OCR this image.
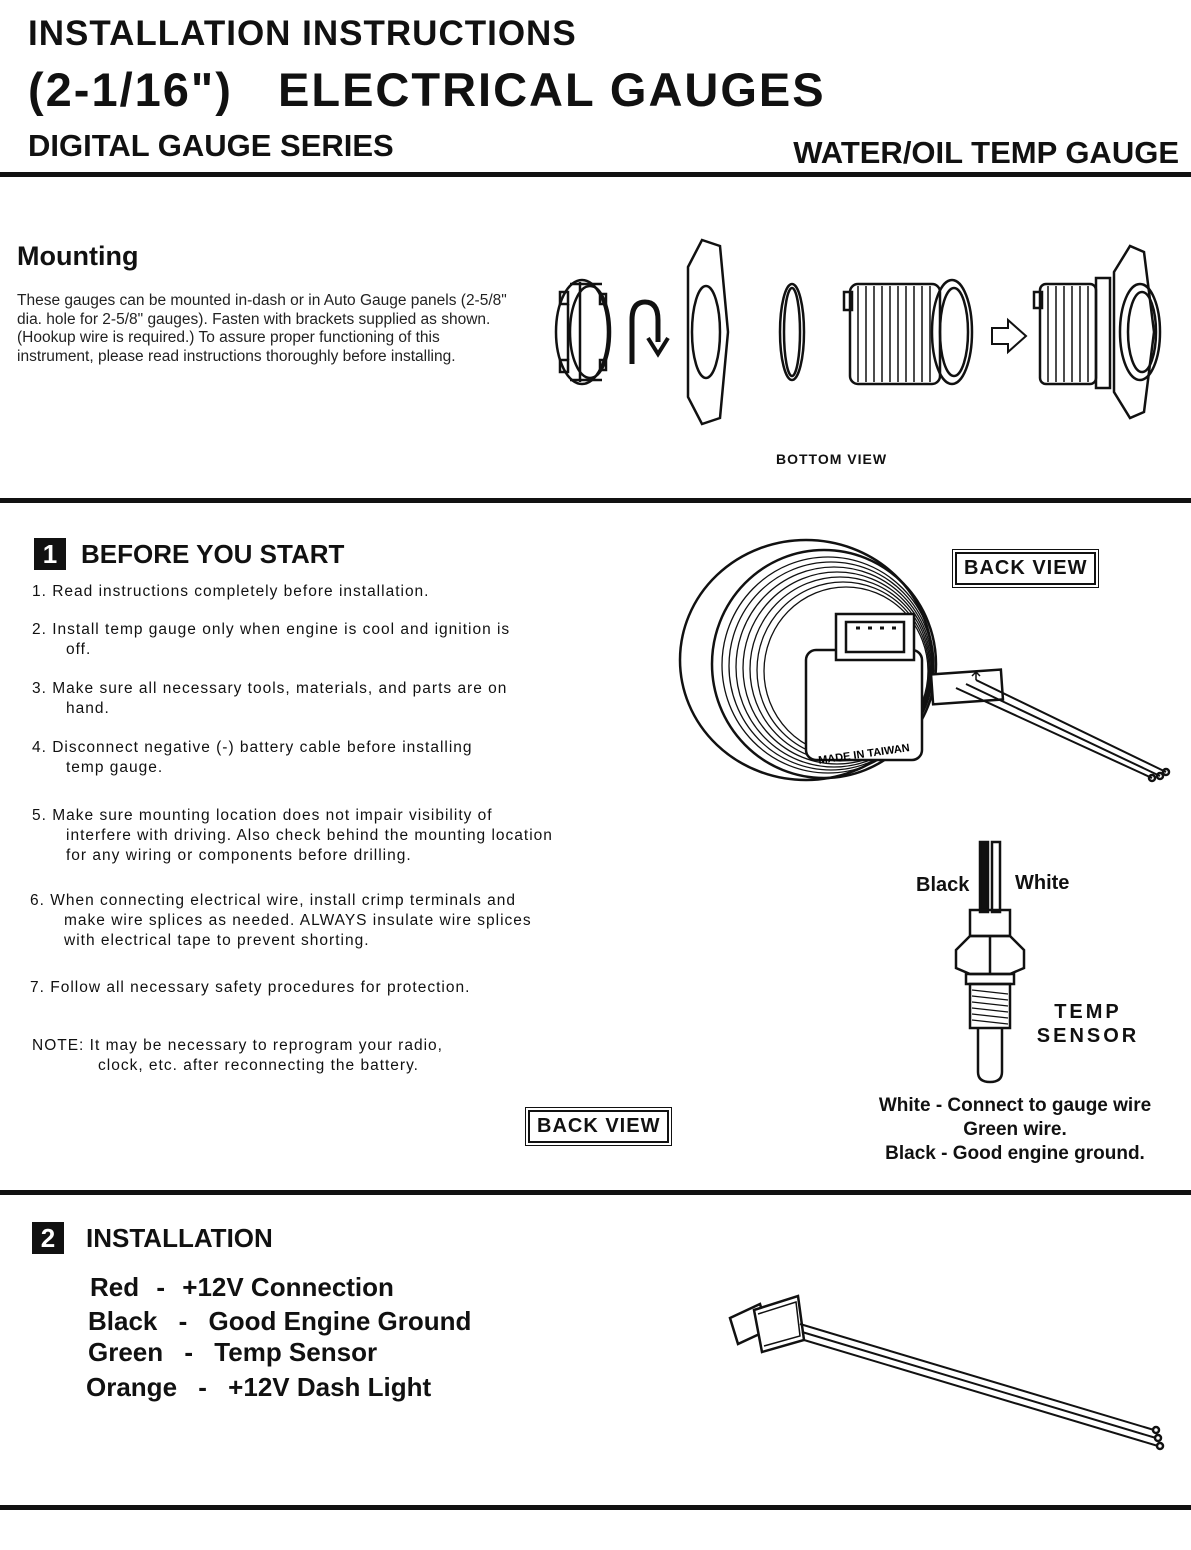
INSTALLATION INSTRUCTIONS
(2-1/16")   ELECTRICAL GAUGES
DIGITAL GAUGE SERIES	WATER/OIL TEMP GAUGE
Mounting
These gauges can be mounted in-dash or in Auto Gauge panels (2-5/8" dia. hole for 2-5/8" gauges). Fasten with brackets supplied as shown. (Hookup wire is required.) To assure proper functioning of this instrument, please read instructions thoroughly before installing.
BOTTOM VIEW
1 BEFORE YOU START
1. Read instructions completely before installation.
2. Install temp gauge only when engine is cool and ignition is
off.
3. Make sure all necessary tools, materials, and parts are on
hand.
4. Disconnect negative (-) battery cable before installing
temp gauge.
5. Make sure mounting location does not impair visibility of
interfere with driving. Also check behind the mounting location for any wiring or components before drilling.
6. When connecting electrical wire, install crimp terminals and
make wire splices as needed. ALWAYS insulate wire splices with electrical tape to prevent shorting.
7. Follow all necessary safety procedures for protection.
NOTE: It may be necessary to reprogram your radio,
clock, etc. after reconnecting the battery.
BACK VIEW
BACK VIEW
MADE IN TAIWAN
Black White
TEMP
SENSOR
White - Connect to gauge wire
Green wire.
Black - Good engine ground.
2	INSTALLATION
Red - +12V Connection
Black - Good Engine Ground
Green - Temp Sensor
Orange - +12V Dash Light
